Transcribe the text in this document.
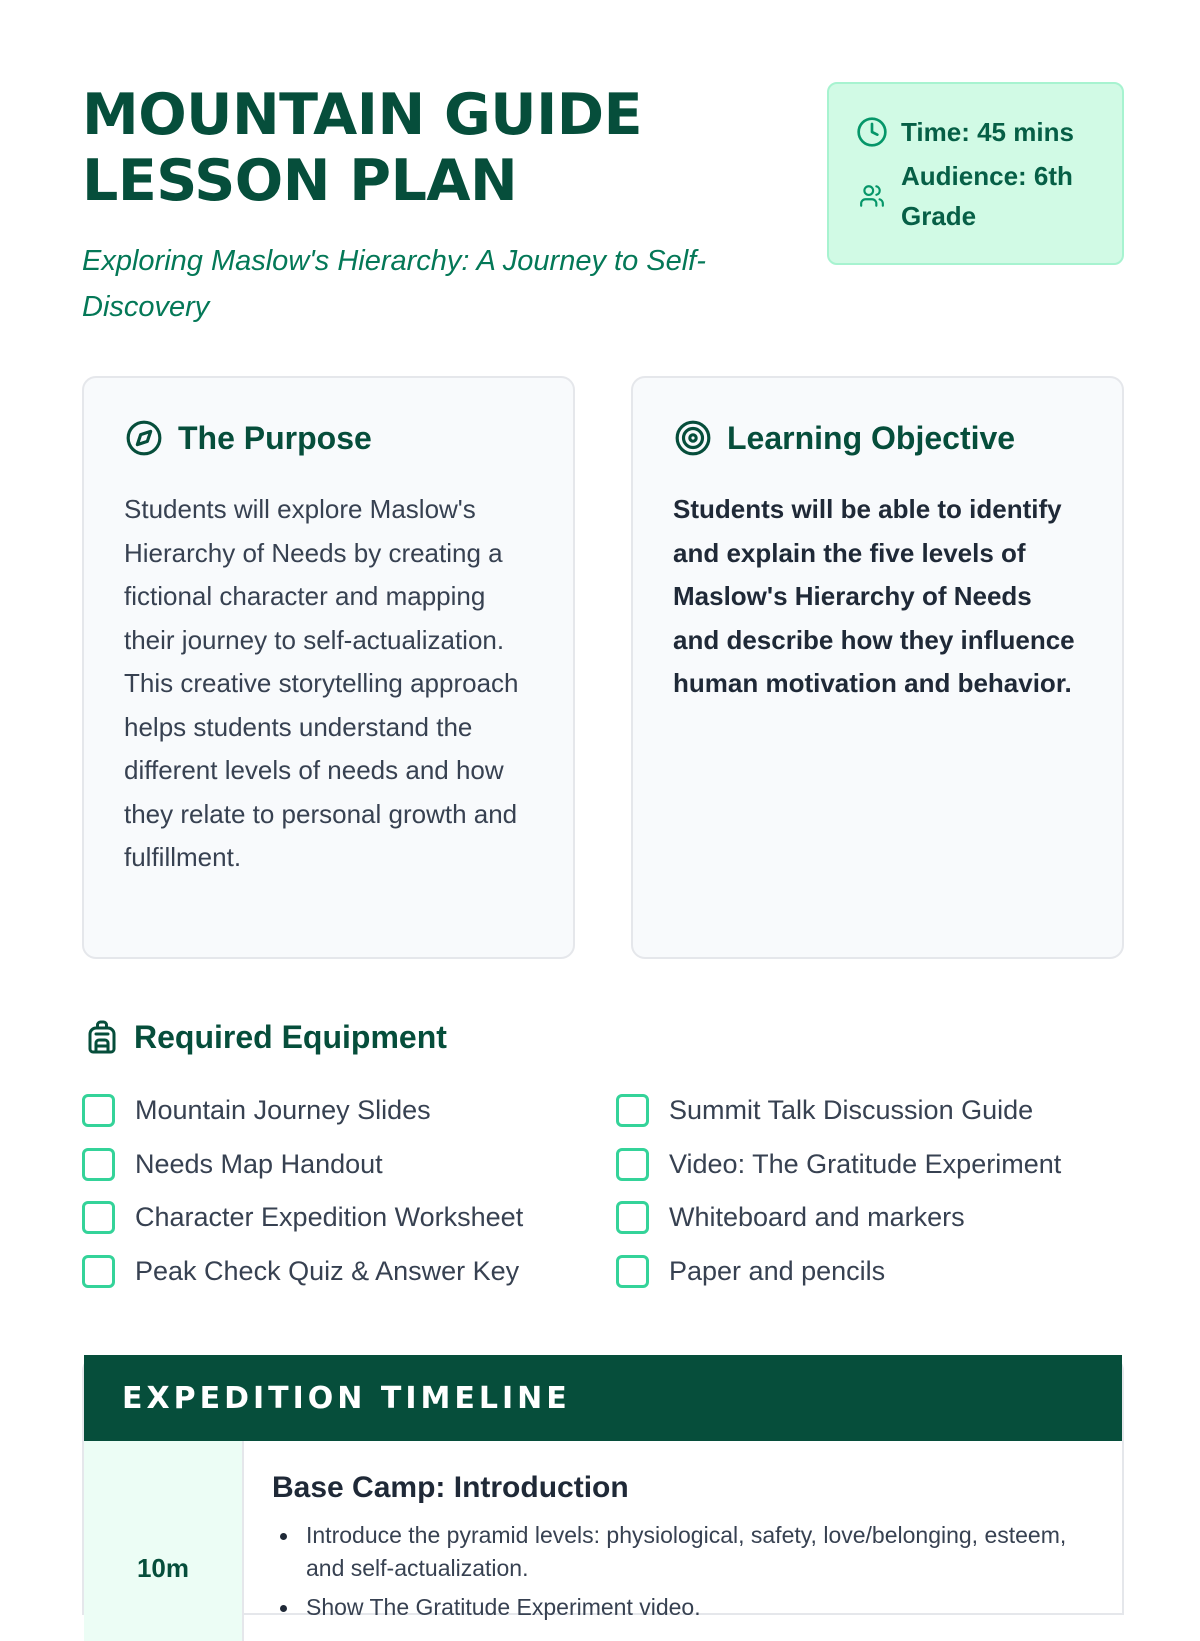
MOUNTAIN GUIDE
LESSON PLAN
Exploring Maslow's Hierarchy: A Journey to Self-Discovery
Time: 45 mins
Audience: 6th Grade
The Purpose

Students will explore Maslow's Hierarchy of Needs by creating a fictional character and mapping their journey to self-actualization. This creative storytelling approach helps students understand the different levels of needs and how they relate to personal growth and fulfillment.

Learning Objective

Students will be able to identify and explain the five levels of Maslow's Hierarchy of Needs and describe how they influence human motivation and behavior.

Required Equipment
Mountain Journey Slides
Needs Map Handout
Character Expedition Worksheet
Peak Check Quiz & Answer Key
Summit Talk Discussion Guide
Video: The Gratitude Experiment
Whiteboard and markers
Paper and pencils
EXPEDITION TIMELINE
10m
Base Camp: Introduction
Introduce the pyramid levels: physiological, safety, love/belonging, esteem, and self-actualization.
Show The Gratitude Experiment video.
